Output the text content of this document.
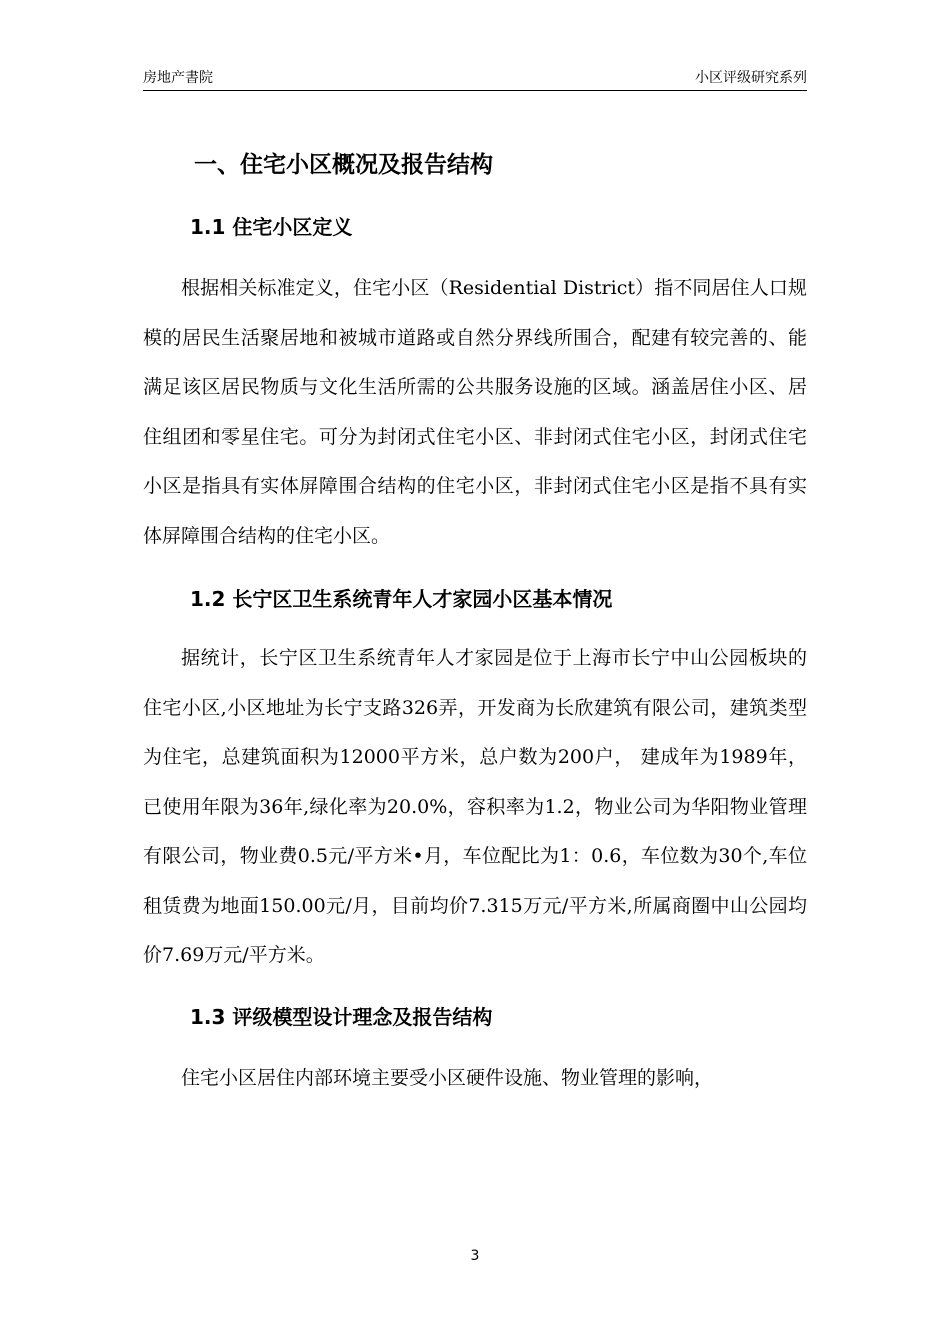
房地产書院	小区评级研究系列
一、住宅小区概况及报告结构
1.1 住宅小区定义

根据相关标准定义，住宅小区（Residential District）指不同居住人口规模的居民生活聚居地和被城市道路或自然分界线所围合，配建有较完善的、能满足该区居民物质与文化生活所需的公共服务设施的区域。涵盖居住小区、居住组团和零星住宅。可分为封闭式住宅小区、非封闭式住宅小区，封闭式住宅小区是指具有实体屏障围合结构的住宅小区，非封闭式住宅小区是指不具有实体屏障围合结构的住宅小区。

1.2 长宁区卫生系统青年人才家园小区基本情况

据统计，长宁区卫生系统青年人才家园是位于上海市长宁中山公园板块的住宅小区,小区地址为长宁支路326弄，开发商为长欣建筑有限公司，建筑类型为住宅，总建筑面积为12000平方米，总户数为200户， 建成年为1989年， 已使用年限为36年,绿化率为20.0%，容积率为1.2，物业公司为华阳物业管理有限公司，物业费0.5元/平方米•月，车位配比为1：0.6，车位数为30个,车位租赁费为地面150.00元/月，目前均价7.315万元/平方米,所属商圈中山公园均价7.69万元/平方米。

1.3 评级模型设计理念及报告结构

住宅小区居住内部环境主要受小区硬件设施、物业管理的影响，

3
